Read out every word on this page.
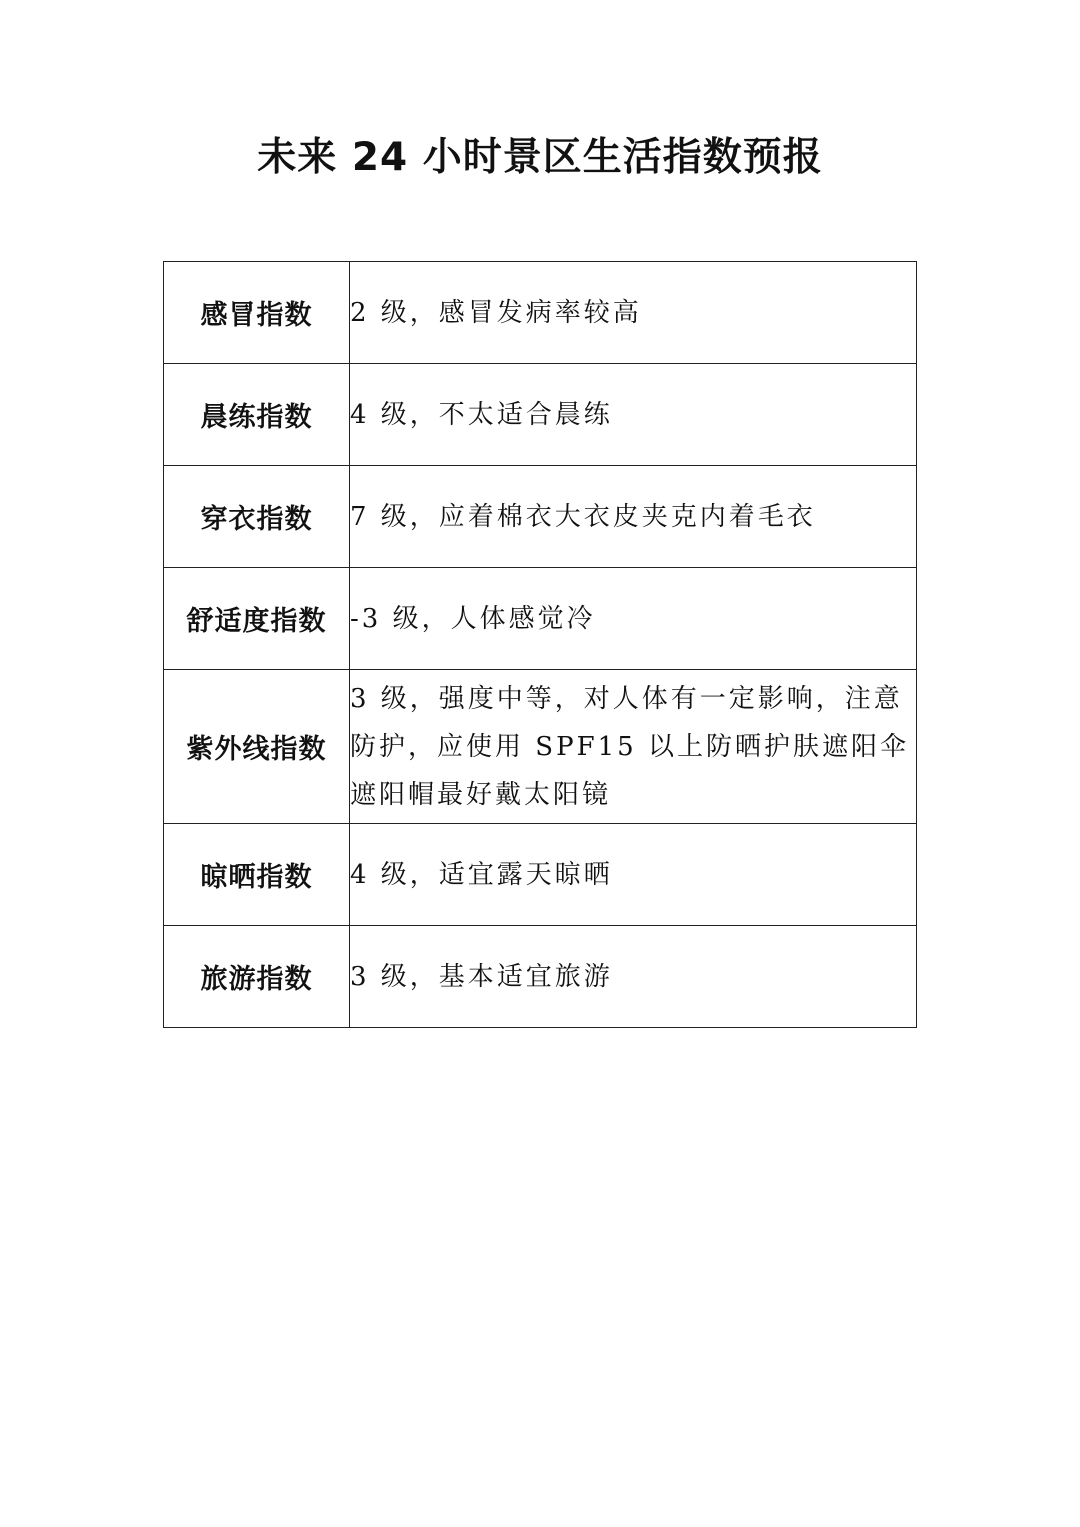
未来 24 小时景区生活指数预报
感冒指数	2 级，感冒发病率较高
晨练指数	4 级，不太适合晨练
穿衣指数	7 级，应着棉衣大衣皮夹克内着毛衣
舒适度指数	-3 级，人体感觉冷
紫外线指数	3 级，强度中等，对人体有一定影响，注意防护，应使用 SPF15 以上防晒护肤遮阳伞遮阳帽最好戴太阳镜
晾晒指数	4 级，适宜露天晾晒
旅游指数	3 级，基本适宜旅游
